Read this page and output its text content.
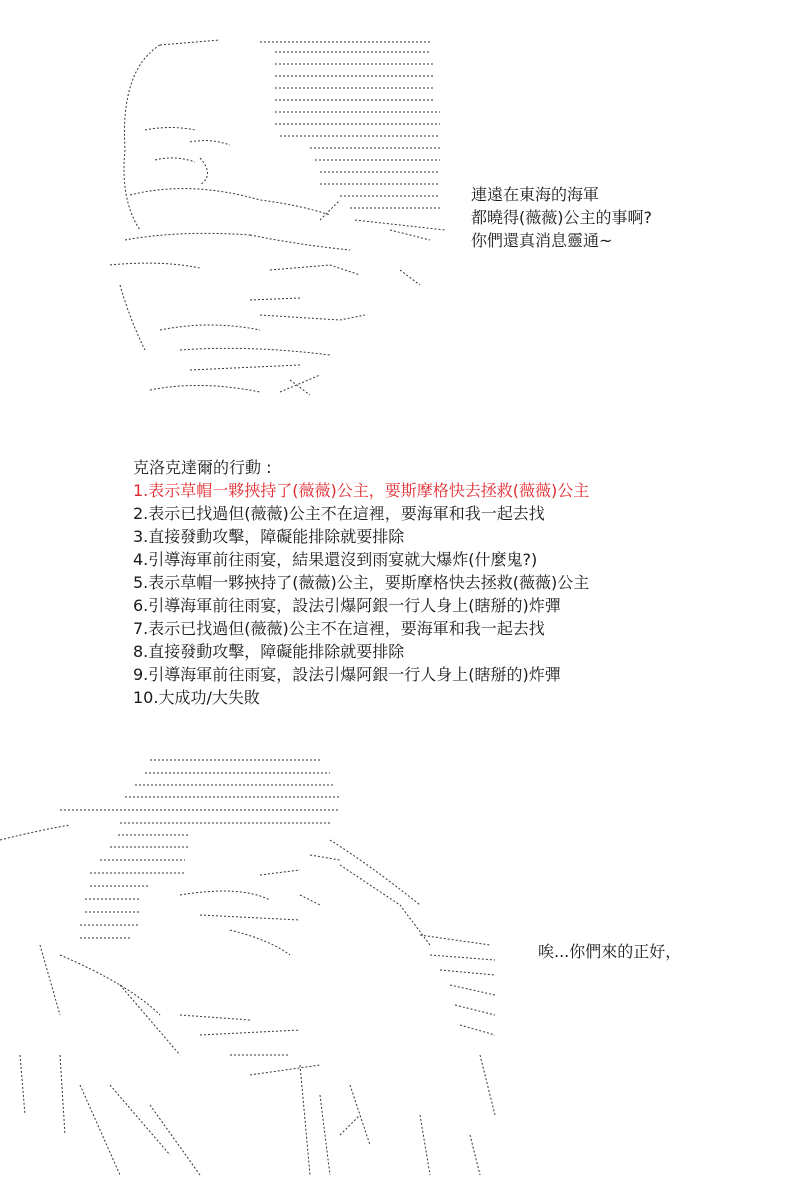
連遠在東海的海軍
都曉得(薇薇)公主的事啊?
你們還真消息靈通~

克洛克達爾的行動 :
1.表示草帽一夥挾持了(薇薇)公主，要斯摩格快去拯救(薇薇)公主
2.表示已找過但(薇薇)公主不在這裡，要海軍和我一起去找
3.直接發動攻擊，障礙能排除就要排除
4.引導海軍前往雨宴，結果還沒到雨宴就大爆炸(什麼鬼?)
5.表示草帽一夥挾持了(薇薇)公主，要斯摩格快去拯救(薇薇)公主
6.引導海軍前往雨宴，設法引爆阿銀一行人身上(瞎掰的)炸彈
7.表示已找過但(薇薇)公主不在這裡，要海軍和我一起去找
8.直接發動攻擊，障礙能排除就要排除
9.引導海軍前往雨宴，設法引爆阿銀一行人身上(瞎掰的)炸彈
10.大成功/大失敗

唉...你們來的正好，
